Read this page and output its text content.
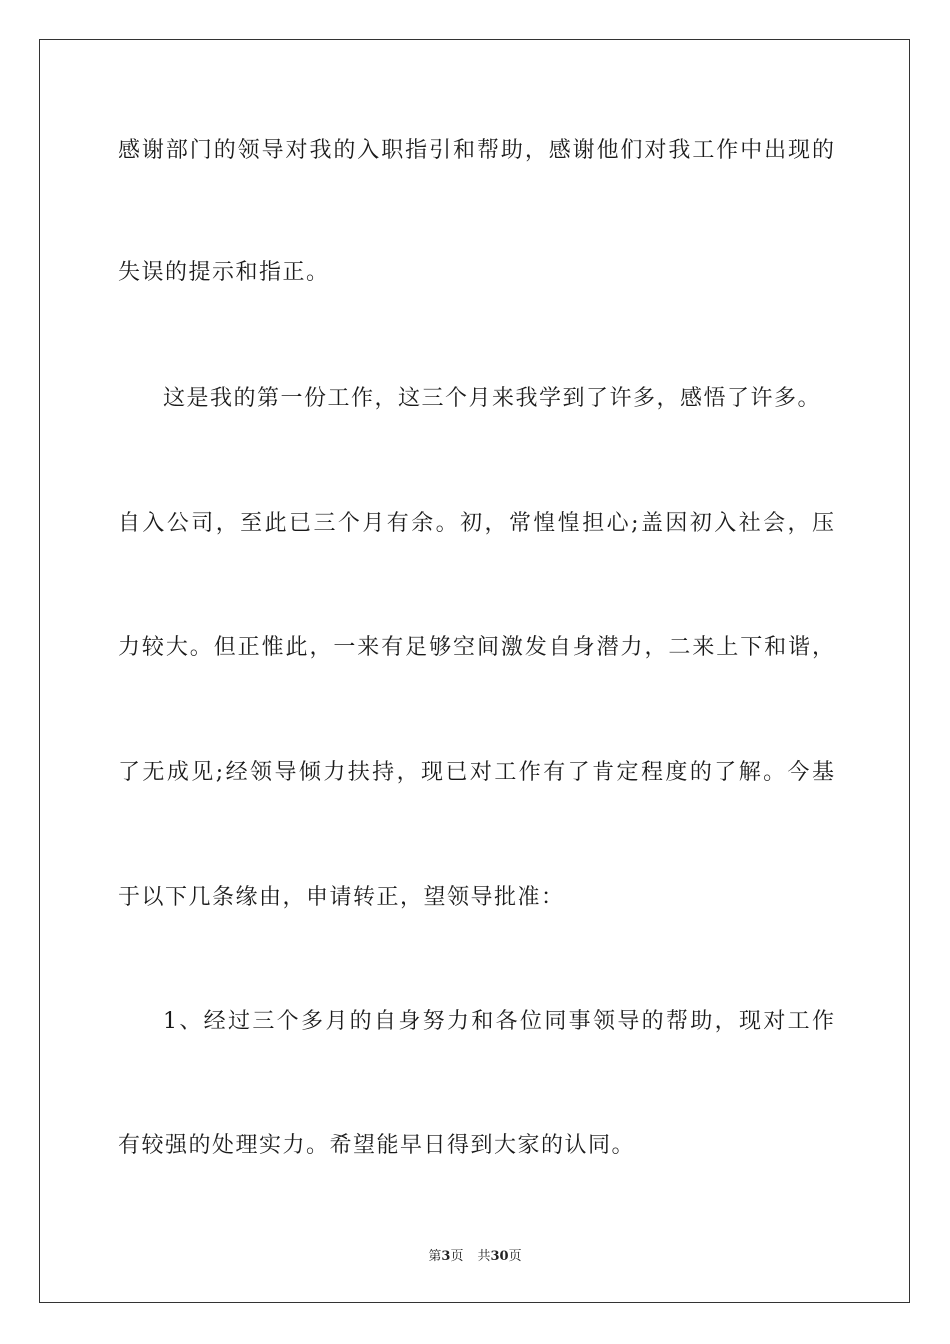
感谢部门的领导对我的入职指引和帮助，感谢他们对我工作中出现的
失误的提示和指正。
这是我的第一份工作，这三个月来我学到了许多，感悟了许多。
自入公司，至此已三个月有余。初，常惶惶担心;盖因初入社会，压
力较大。但正惟此，一来有足够空间激发自身潜力，二来上下和谐，
了无成见;经领导倾力扶持，现已对工作有了肯定程度的了解。今基
于以下几条缘由，申请转正，望领导批准：
1、经过三个多月的自身努力和各位同事领导的帮助，现对工作
有较强的处理实力。希望能早日得到大家的认同。
第3页 共30页
